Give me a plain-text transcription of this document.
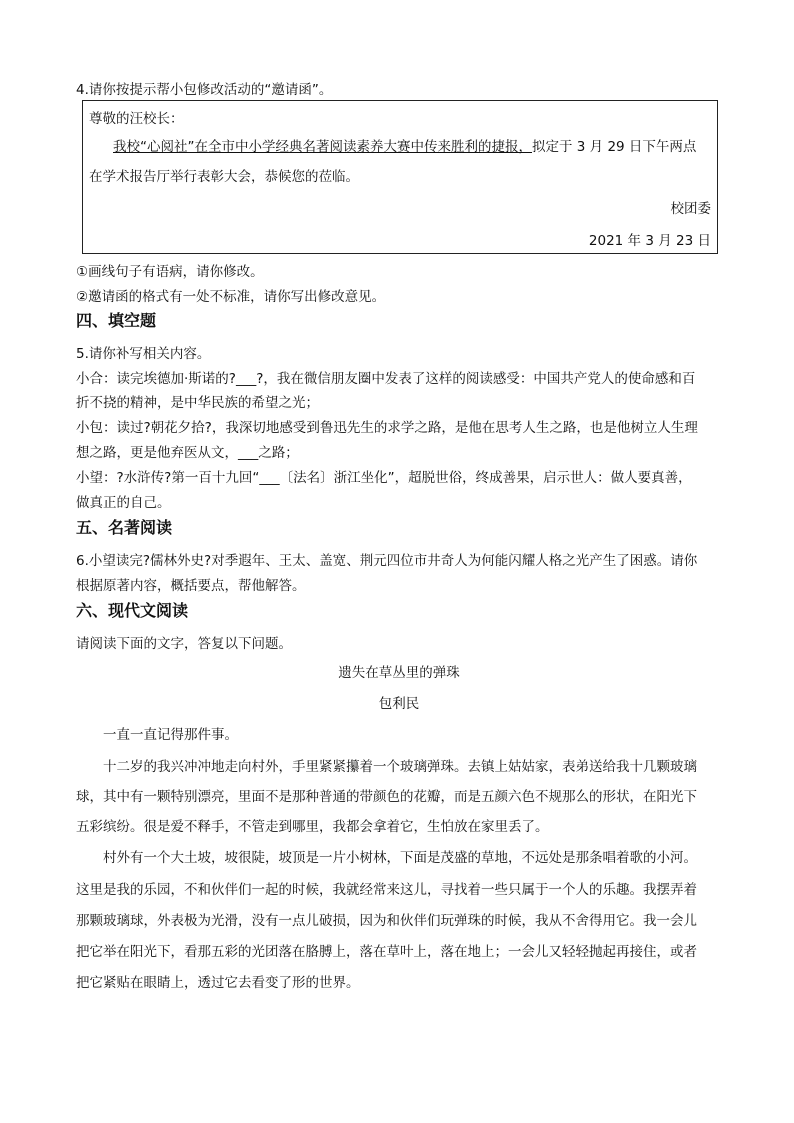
4.请你按提示帮小包修改活动的“邀请函”。
尊敬的汪校长：
我校“心阅社”在全市中小学经典名著阅读素养大赛中传来胜利的捷报，拟定于 3 月 29 日下午两点
在学术报告厅举行表彰大会，恭候您的莅临。
校团委
2021 年 3 月 23 日
①画线句子有语病，请你修改。
②邀请函的格式有一处不标准，请你写出修改意见。
四、填空题
5.请你补写相关内容。
小合：读完埃德加·斯诺的?___?，我在微信朋友圈中发表了这样的阅读感受：中国共产党人的使命感和百
折不挠的精神，是中华民族的希望之光；
小包：读过?朝花夕拾?，我深切地感受到鲁迅先生的求学之路，是他在思考人生之路，也是他树立人生理
想之路，更是他弃医从文，___之路；
小望：?水浒传?第一百十九回“___〔法名〕浙江坐化”，超脱世俗，终成善果，启示世人：做人要真善，
做真正的自己。
五、名著阅读
6.小望读完?儒林外史?对季遐年、王太、盖宽、荆元四位市井奇人为何能闪耀人格之光产生了困惑。请你
根据原著内容，概括要点，帮他解答。
六、现代文阅读
请阅读下面的文字，答复以下问题。
遗失在草丛里的弹珠
包利民
一直一直记得那件事。
十二岁的我兴冲冲地走向村外，手里紧紧攥着一个玻璃弹珠。去镇上姑姑家，表弟送给我十几颗玻璃
球，其中有一颗特别漂亮，里面不是那种普通的带颜色的花瓣，而是五颜六色不规那么的形状，在阳光下
五彩缤纷。很是爱不释手，不管走到哪里，我都会拿着它，生怕放在家里丢了。
村外有一个大土坡，坡很陡，坡顶是一片小树林，下面是茂盛的草地，不远处是那条唱着歌的小河。
这里是我的乐园，不和伙伴们一起的时候，我就经常来这儿，寻找着一些只属于一个人的乐趣。我摆弄着
那颗玻璃球，外表极为光滑，没有一点儿破损，因为和伙伴们玩弹珠的时候，我从不舍得用它。我一会儿
把它举在阳光下，看那五彩的光团落在胳膊上，落在草叶上，落在地上；一会儿又轻轻抛起再接住，或者
把它紧贴在眼睛上，透过它去看变了形的世界。
